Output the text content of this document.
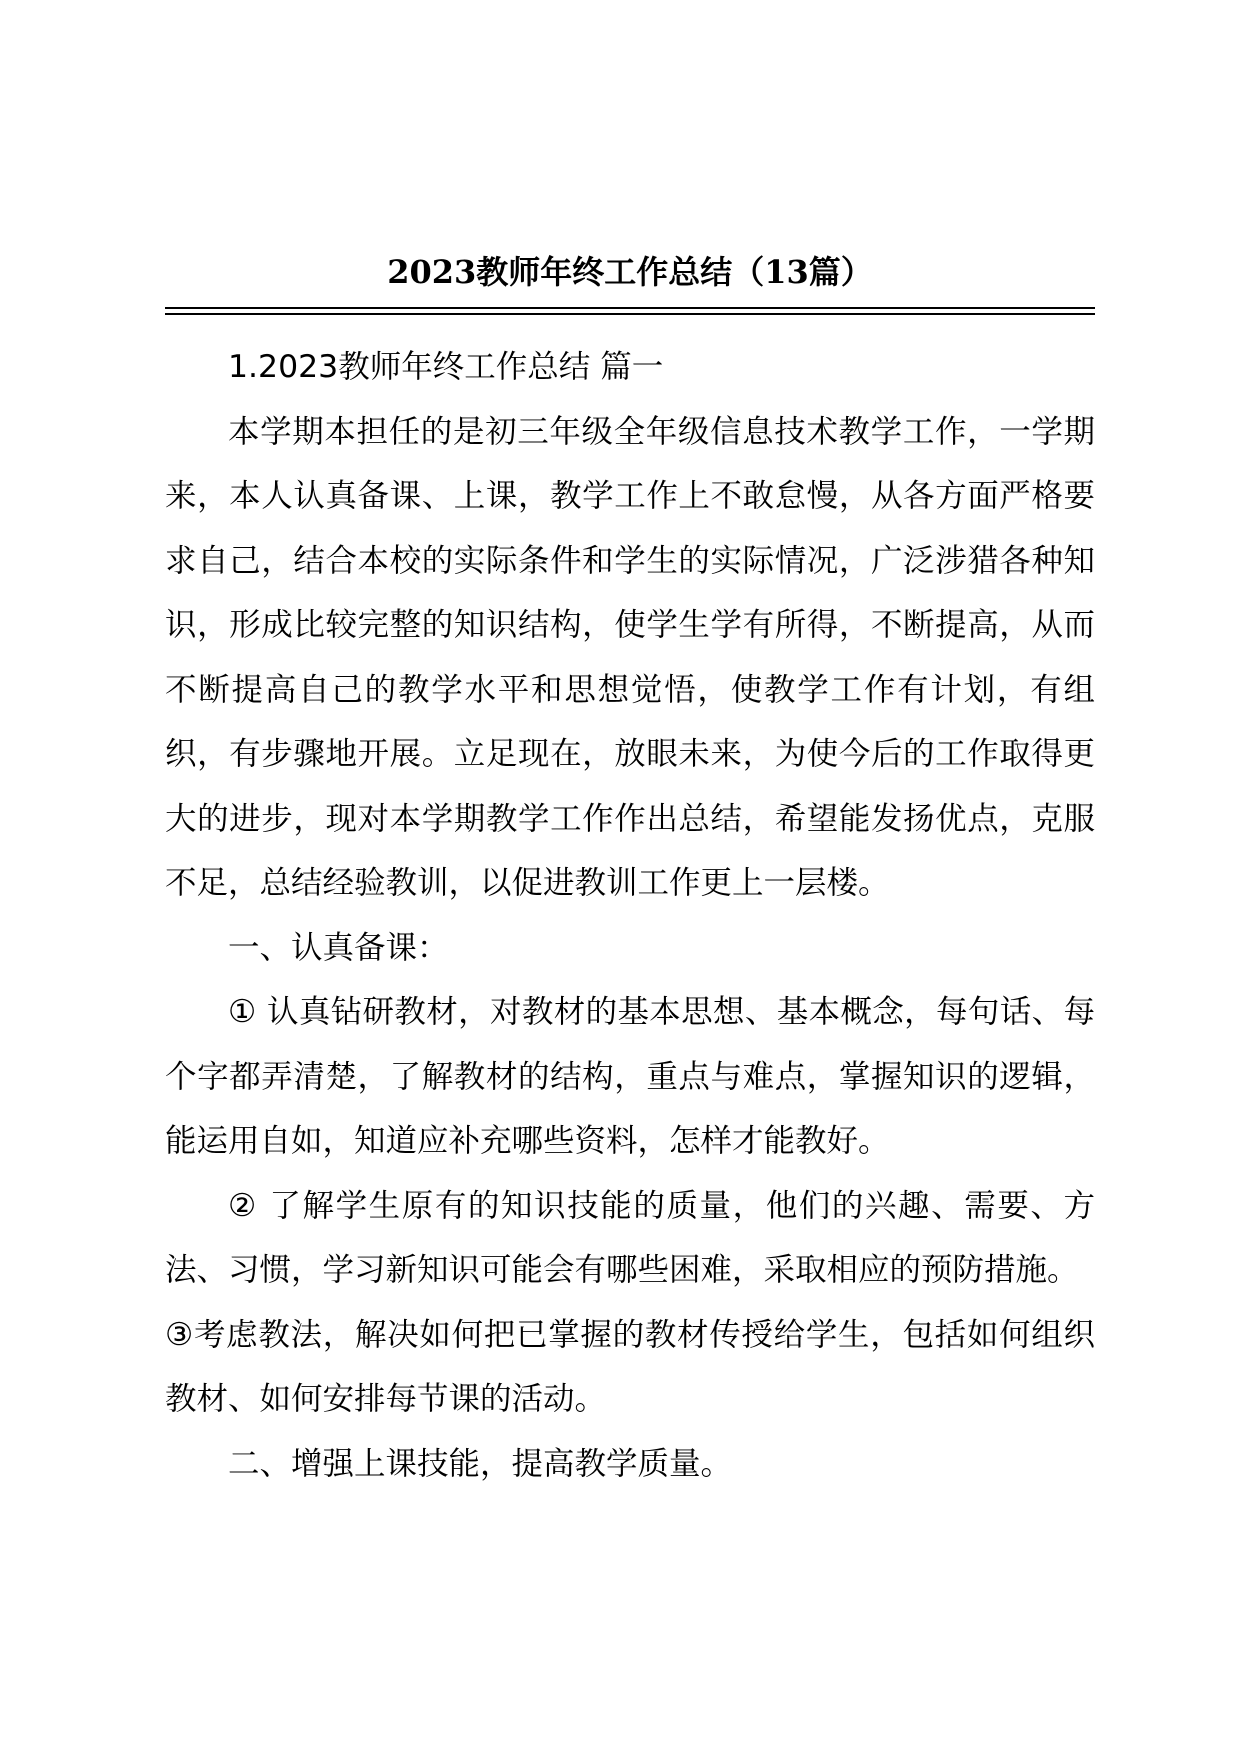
2023教师年终工作总结（13篇）

1.2023教师年终工作总结 篇一

本学期本担任的是初三年级全年级信息技术教学工作，一学期来，本人认真备课、上课，教学工作上不敢怠慢，从各方面严格要求自己，结合本校的实际条件和学生的实际情况，广泛涉猎各种知识，形成比较完整的知识结构，使学生学有所得，不断提高，从而不断提高自己的教学水平和思想觉悟，使教学工作有计划，有组织，有步骤地开展。立足现在，放眼未来，为使今后的工作取得更大的进步，现对本学期教学工作作出总结，希望能发扬优点，克服不足，总结经验教训，以促进教训工作更上一层楼。

一、认真备课：

① 认真钻研教材，对教材的基本思想、基本概念，每句话、每个字都弄清楚，了解教材的结构，重点与难点，掌握知识的逻辑，能运用自如，知道应补充哪些资料，怎样才能教好。

② 了解学生原有的知识技能的质量，他们的兴趣、需要、方法、习惯，学习新知识可能会有哪些困难，采取相应的预防措施。

③考虑教法，解决如何把已掌握的教材传授给学生，包括如何组织教材、如何安排每节课的活动。

二、增强上课技能，提高教学质量。
